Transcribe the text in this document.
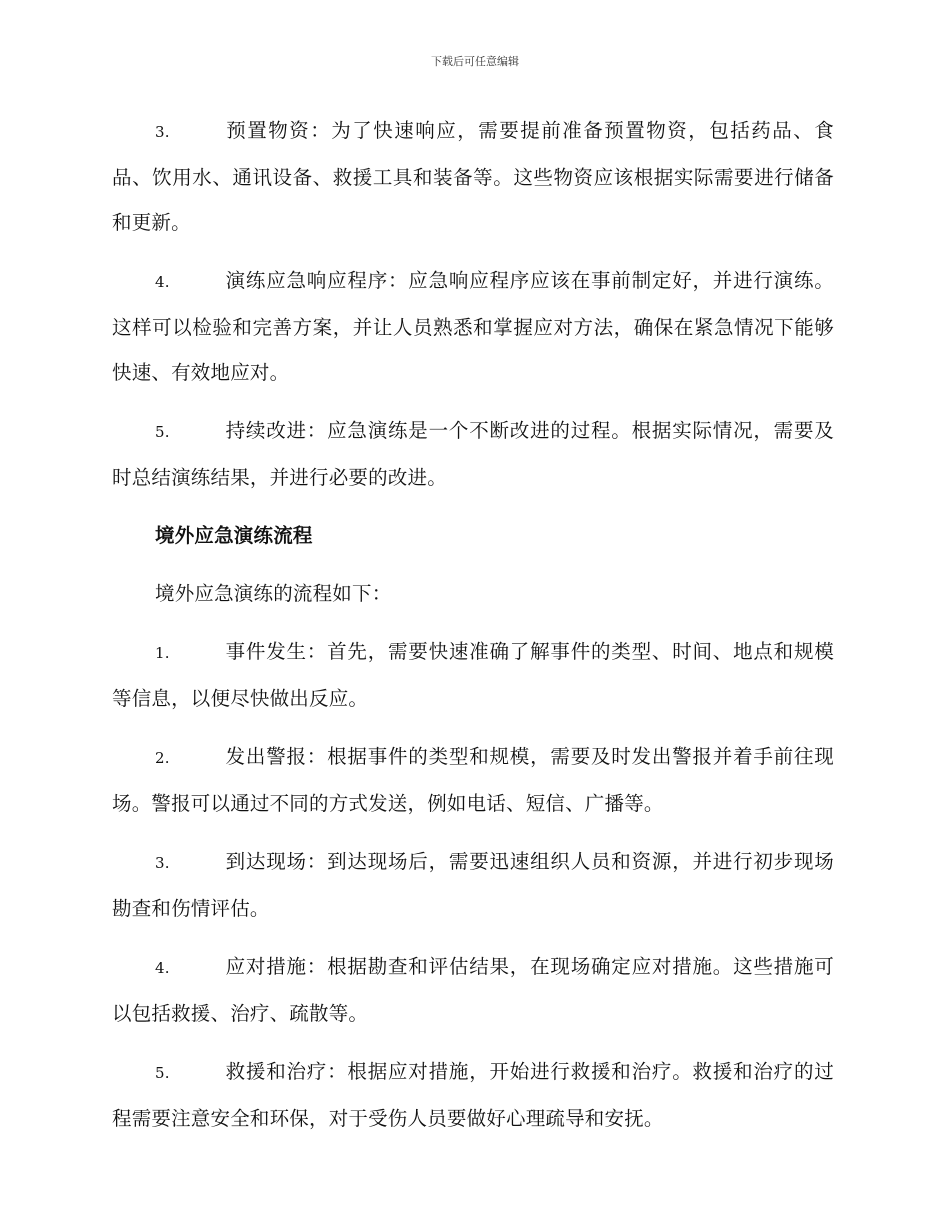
下载后可任意编辑

3.	预置物资：为了快速响应，需要提前准备预置物资，包括药品、食品、饮用水、通讯设备、救援工具和装备等。这些物资应该根据实际需要进行储备和更新。

4.	演练应急响应程序：应急响应程序应该在事前制定好，并进行演练。这样可以检验和完善方案，并让人员熟悉和掌握应对方法，确保在紧急情况下能够快速、有效地应对。

5.	持续改进：应急演练是一个不断改进的过程。根据实际情况，需要及时总结演练结果，并进行必要的改进。

境外应急演练流程

境外应急演练的流程如下：

1.	事件发生：首先，需要快速准确了解事件的类型、时间、地点和规模等信息，以便尽快做出反应。

2.	发出警报：根据事件的类型和规模，需要及时发出警报并着手前往现场。警报可以通过不同的方式发送，例如电话、短信、广播等。

3.	到达现场：到达现场后，需要迅速组织人员和资源，并进行初步现场勘查和伤情评估。

4.	应对措施：根据勘查和评估结果，在现场确定应对措施。这些措施可以包括救援、治疗、疏散等。

5.	救援和治疗：根据应对措施，开始进行救援和治疗。救援和治疗的过程需要注意安全和环保，对于受伤人员要做好心理疏导和安抚。
